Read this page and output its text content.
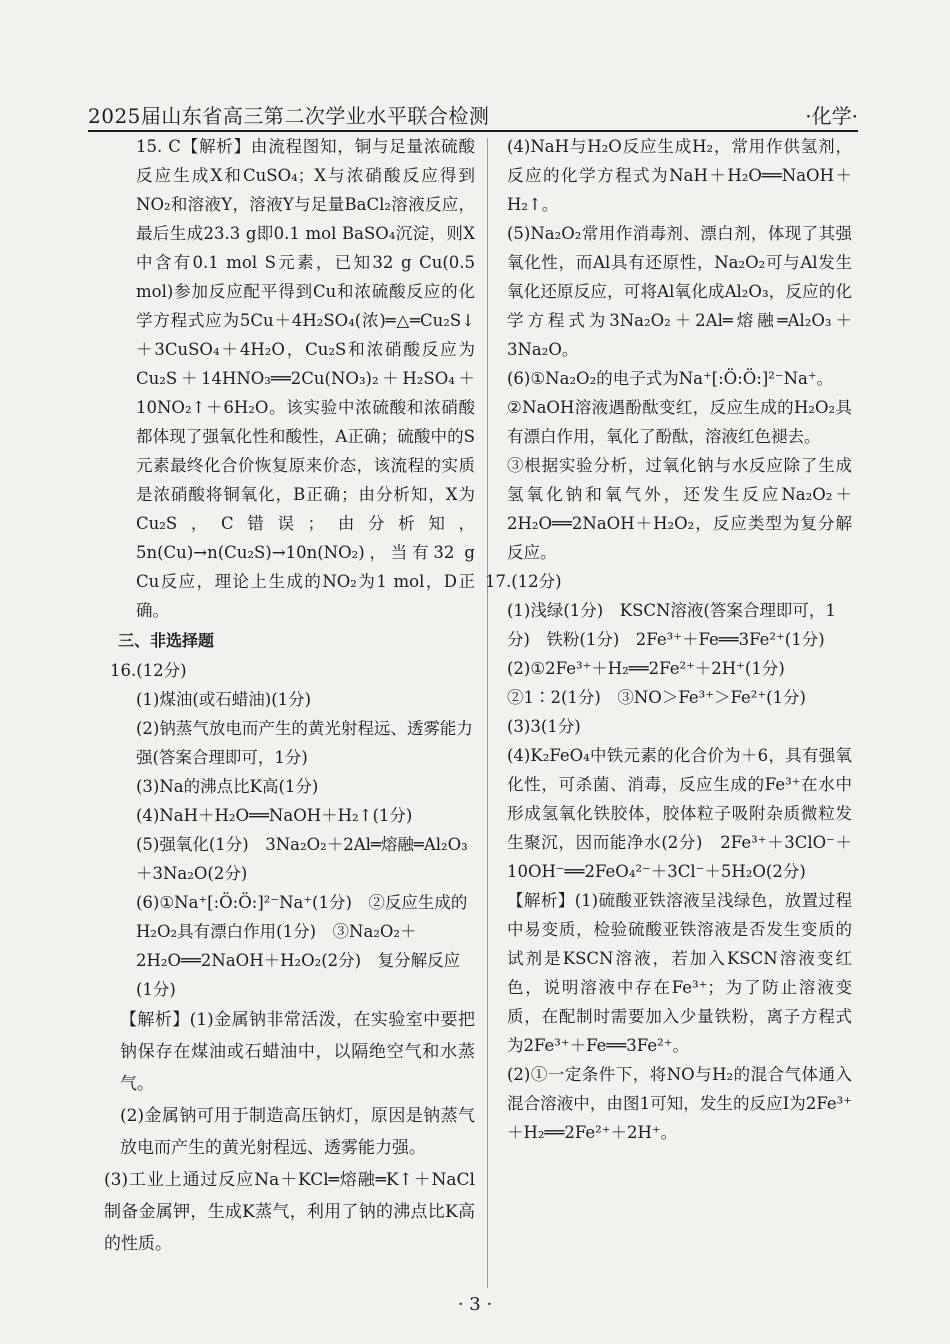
2025届山东省高三第二次学业水平联合检测	·化学·

15. C【解析】由流程图知，铜与足量浓硫酸反应生成X和CuSO₄；X与浓硝酸反应得到NO₂和溶液Y，溶液Y与足量BaCl₂溶液反应，最后生成23.3 g即0.1 mol BaSO₄沉淀，则X中含有0.1 mol S元素，已知32 g Cu(0.5 mol)参加反应配平得到Cu和浓硫酸反应的化学方程式应为5Cu＋4H₂SO₄(浓)═△═Cu₂S↓＋3CuSO₄＋4H₂O，Cu₂S和浓硝酸反应为Cu₂S＋14HNO₃══2Cu(NO₃)₂＋H₂SO₄＋10NO₂↑＋6H₂O。该实验中浓硫酸和浓硝酸都体现了强氧化性和酸性，A正确；硫酸中的S元素最终化合价恢复原来价态，该流程的实质是浓硝酸将铜氧化，B正确；由分析知，X为Cu₂S，C错误；由分析知，5n(Cu)→n(Cu₂S)→10n(NO₂)，当有32 g Cu反应，理论上生成的NO₂为1 mol，D正确。

三、非选择题

16.(12分)

(1)煤油(或石蜡油)(1分)

(2)钠蒸气放电而产生的黄光射程远、透雾能力强(答案合理即可，1分)

(3)Na的沸点比K高(1分)

(4)NaH＋H₂O══NaOH＋H₂↑(1分)

(5)强氧化(1分)　3Na₂O₂＋2Al═熔融═Al₂O₃＋3Na₂O(2分)

(6)①Na⁺[:Ö:Ö:]²⁻Na⁺(1分)　②反应生成的H₂O₂具有漂白作用(1分)　③Na₂O₂＋2H₂O══2NaOH＋H₂O₂(2分)　复分解反应(1分)

【解析】(1)金属钠非常活泼，在实验室中要把钠保存在煤油或石蜡油中，以隔绝空气和水蒸气。

(2)金属钠可用于制造高压钠灯，原因是钠蒸气放电而产生的黄光射程远、透雾能力强。

(3)工业上通过反应Na＋KCl═熔融═K↑＋NaCl制备金属钾，生成K蒸气，利用了钠的沸点比K高的性质。

(4)NaH与H₂O反应生成H₂，常用作供氢剂，反应的化学方程式为NaH＋H₂O══NaOH＋H₂↑。

(5)Na₂O₂常用作消毒剂、漂白剂，体现了其强氧化性，而Al具有还原性，Na₂O₂可与Al发生氧化还原反应，可将Al氧化成Al₂O₃，反应的化学方程式为3Na₂O₂＋2Al═熔融═Al₂O₃＋3Na₂O。

(6)①Na₂O₂的电子式为Na⁺[:Ö:Ö:]²⁻Na⁺。

②NaOH溶液遇酚酞变红，反应生成的H₂O₂具有漂白作用，氧化了酚酞，溶液红色褪去。

③根据实验分析，过氧化钠与水反应除了生成氢氧化钠和氧气外，还发生反应Na₂O₂＋2H₂O══2NaOH＋H₂O₂，反应类型为复分解反应。

17.(12分)

(1)浅绿(1分)　KSCN溶液(答案合理即可，1分)　铁粉(1分)　2Fe³⁺＋Fe══3Fe²⁺(1分)

(2)①2Fe³⁺＋H₂══2Fe²⁺＋2H⁺(1分)

②1∶2(1分)　③NO＞Fe³⁺＞Fe²⁺(1分)

(3)3(1分)

(4)K₂FeO₄中铁元素的化合价为＋6，具有强氧化性，可杀菌、消毒，反应生成的Fe³⁺在水中形成氢氧化铁胶体，胶体粒子吸附杂质微粒发生聚沉，因而能净水(2分)　2Fe³⁺＋3ClO⁻＋10OH⁻══2FeO₄²⁻＋3Cl⁻＋5H₂O(2分)

【解析】(1)硫酸亚铁溶液呈浅绿色，放置过程中易变质，检验硫酸亚铁溶液是否发生变质的试剂是KSCN溶液，若加入KSCN溶液变红色，说明溶液中存在Fe³⁺；为了防止溶液变质，在配制时需要加入少量铁粉，离子方程式为2Fe³⁺＋Fe══3Fe²⁺。

(2)①一定条件下，将NO与H₂的混合气体通入混合溶液中，由图1可知，发生的反应Ⅰ为2Fe³⁺＋H₂══2Fe²⁺＋2H⁺。

· 3 ·
